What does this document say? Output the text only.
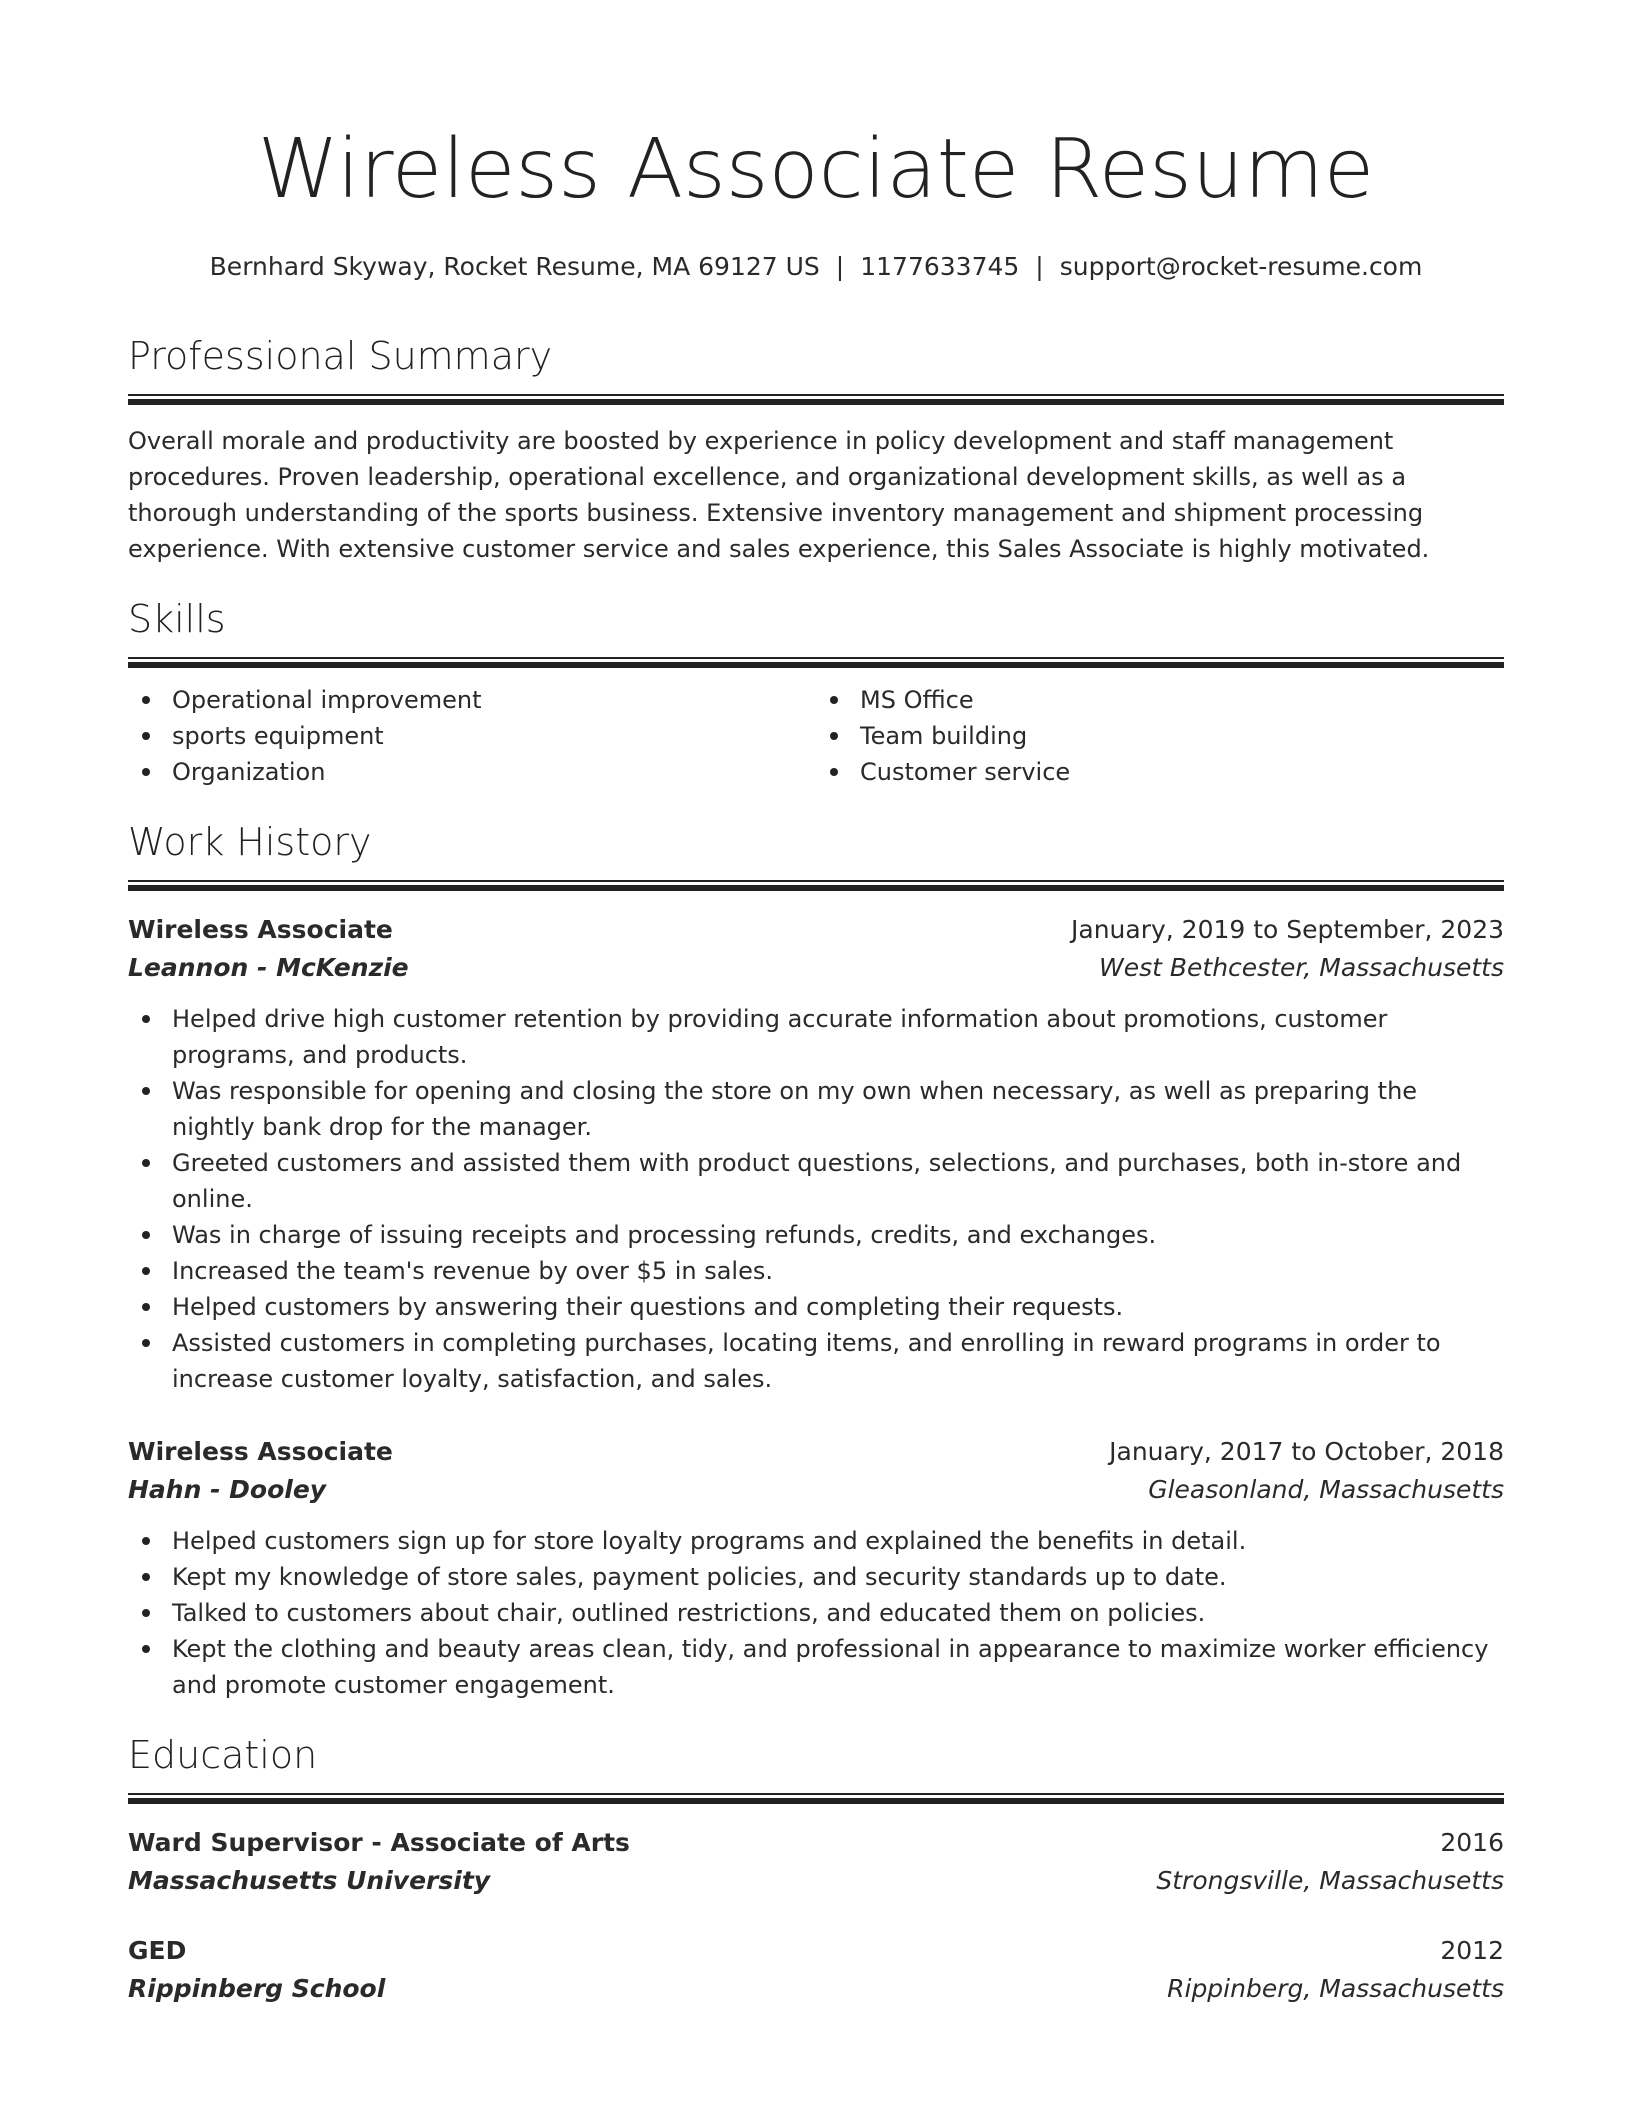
Wireless Associate Resume
Bernhard Skyway, Rocket Resume, MA 69127 US | 1177633745 | support@rocket-resume.com
Professional Summary

Overall morale and productivity are boosted by experience in policy development and staff management procedures. Proven leadership, operational excellence, and organizational development skills, as well as a thorough understanding of the sports business. Extensive inventory management and shipment processing experience. With extensive customer service and sales experience, this Sales Associate is highly motivated.

Skills
Operational improvement
sports equipment
Organization
MS Office
Team building
Customer service
Work History
Wireless Associate	January, 2019 to September, 2023
Leannon - McKenzie	West Bethcester, Massachusetts
Helped drive high customer retention by providing accurate information about promotions, customer programs, and products.
Was responsible for opening and closing the store on my own when necessary, as well as preparing the nightly bank drop for the manager.
Greeted customers and assisted them with product questions, selections, and purchases, both in-store and online.
Was in charge of issuing receipts and processing refunds, credits, and exchanges.
Increased the team's revenue by over $5 in sales.
Helped customers by answering their questions and completing their requests.
Assisted customers in completing purchases, locating items, and enrolling in reward programs in order to increase customer loyalty, satisfaction, and sales.
Wireless Associate	January, 2017 to October, 2018
Hahn - Dooley	Gleasonland, Massachusetts
Helped customers sign up for store loyalty programs and explained the benefits in detail.
Kept my knowledge of store sales, payment policies, and security standards up to date.
Talked to customers about chair, outlined restrictions, and educated them on policies.
Kept the clothing and beauty areas clean, tidy, and professional in appearance to maximize worker efficiency and promote customer engagement.
Education
Ward Supervisor - Associate of Arts	2016
Massachusetts University	Strongsville, Massachusetts
GED	2012
Rippinberg School	Rippinberg, Massachusetts
